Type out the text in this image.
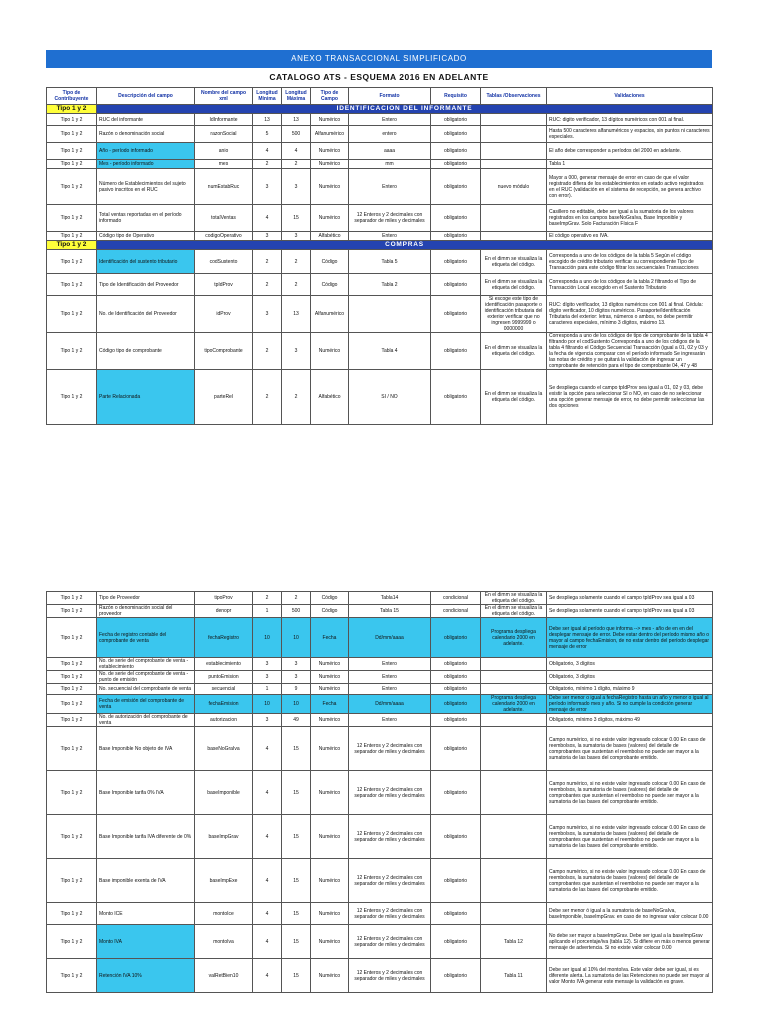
ANEXO TRANSACCIONAL SIMPLIFICADO
CATALOGO ATS - ESQUEMA 2016 EN ADELANTE
Tipo de Contribuyente	Descripción del campo	Nombre del campo xml	Longitud Mínima	Longitud Máxima	Tipo de Campo	Formato	Requisito	Tablas /Observaciones	Validaciones
Tipo 1 y 2	IDENTIFICACION DEL INFORMANTE								
Tipo 1 y 2	RUC del informante	IdInformante	13	13	Numérico	Entero	obligatorio		RUC: digito verificador, 13 dígitos numéricos con 001 al final.
Tipo 1 y 2	Razón o denominación social	razonSocial	5	500	Alfanumérico	entero	obligatorio		Hasta 500 caracteres alfanuméricos y espacios, sin puntos ni caracteres especiales.
Tipo 1 y 2	Año - período informado	anio	4	4	Numérico	aaaa	obligatorio		El año debe corresponder a períodos del 2000 en adelante.
Tipo 1 y 2	Mes - período informado	mes	2	2	Numérico	mm	obligatorio		Tabla 1
Tipo 1 y 2	Número de Establecimientos del sujeto pasivo inscritos en el RUC	numEstabRuc	3	3	Numérico	Entero	obligatorio	nuevo módulo	Mayor a 000, generar mensaje de error en caso de que el valor registrado difiera de los establecimientos en estado activo registrados en el RUC (validación en el sistema de recepción, se genera archivo con error).
Tipo 1 y 2	Total ventas reportadas en el período informado	totalVentas	4	15	Numérico	12 Enteros y 2 decimales con separador de miles y decimales	obligatorio		Casillero no editable, debe ser igual a la sumatoria de los valores registrados en los campos baseNoGraIva, Base Imponible y baseImpGrav. Solo Facturación Física F
Tipo 1 y 2	Código tipo de Operativo	codigoOperativo	3	3	Alfabético	Entero	obligatorio		El código operativo es IVA.
Tipo 1 y 2	COMPRAS								
Tipo 1 y 2	Identificación del sustento tributario	codSustento	2	2	Código	Tabla 5	obligatorio	En el dimm se visualiza la etiqueta del código.	Corresponda a uno de los códigos de la tabla 5 Según el código escogido de crédito tributario verificar su correspondiente Tipo de Transacción para este código filtrar los secuenciales Transacciones
Tipo 1 y 2	Tipo de Identificación del Proveedor	tpIdProv	2	2	Código	Tabla 2	obligatorio	En el dimm se visualiza la etiqueta del código.	Corresponda a uno de los códigos de la tabla 2 filtrando el Tipo de Transacción Local escogido en el Sustento Tributario
Tipo 1 y 2	No. de Identificación del Proveedor	idProv	3	13	Alfanumérico		obligatorio	Si escoge este tipo de identificación pasaporte o identificación tributaria del exterior verificar que no ingresen 9999999 o 0000000	RUC: dígito verificador, 13 dígitos numéricos con 001 al final. Cédula: dígito verificador, 10 dígitos numéricos. Pasaporte/Identificación Tributaria del exterior: letras, números o ambos, no debe permitir caracteres especiales, mínimo 3 dígitos, máximo 13.
Tipo 1 y 2	Código tipo de comprobante	tipoComprobante	2	3	Numérico	Tabla 4	obligatorio	En el dimm se visualiza la etiqueta del código.	Corresponda a uno de los códigos de tipo de comprobante de la tabla 4 filtrando por el codSustento Corresponda a uno de los códigos de la tabla 4 filtrando el Código Secuencial Transacción (igual a 01, 02 y 03 y la fecha de vigencia comparar con el período informado Se ingresarán las notas de crédito y se quitará la validación de ingresar un comprobante de retención para el tipo de comprobante 04, 47 y 48
Tipo 1 y 2	Parte Relacionada	parteRel	2	2	Alfabético	SI / NO	obligatorio	En el dimm se visualiza la etiqueta del código.	Se despliega cuando el campo tpIdProv sea igual a 01, 02 y 03, debe existir la opción para seleccionar SI o NO, en caso de no seleccionar una opción generar mensaje de error, no debe permitir seleccionar las dos opciones
Tipo 1 y 2	Tipo de Proveedor	tipoProv	2	2	Código	Tabla14	condicional	En el dimm se visualiza la etiqueta del código.	Se despliega solamente cuando el campo tpIdProv sea igual a 03
Tipo 1 y 2	Razón o denominación social del proveedor	denopr	1	500	Código	Tabla 15	condicional	En el dimm se visualiza la etiqueta del código.	Se despliega solamente cuando el campo tpIdProv sea igual a 03
Tipo 1 y 2	Fecha de registro contable del comprobante de venta	fechaRegistro	10	10	Fecha	Dd/mm/aaaa	obligatorio	Programa despliega calendario 2000 en adelante.	Debe ser igual al período que informa --> mes - año de en en del desplegar mensaje de error. Debe estar dentro del período mismo año o mayor al campo fechaEmision, de no estar dentro del período desplegar mensaje de error
Tipo 1 y 2	No. de serie del comprobante de venta - establecimiento	establecimiento	3	3	Numérico	Entero	obligatorio		Obligatorio, 3 dígitos
Tipo 1 y 2	No. de serie del comprobante de venta - punto de emisión	puntoEmision	3	3	Numérico	Entero	obligatorio		Obligatorio, 3 dígitos
Tipo 1 y 2	No. secuencial del comprobante de venta	secuencial	1	9	Numérico	Entero	obligatorio		Obligatorio, mínimo 1 dígito, máximo 9
Tipo 1 y 2	Fecha de emisión del comprobante de venta	fechaEmision	10	10	Fecha	Dd/mm/aaaa	obligatorio	Programa despliega calendario 2000 en adelante.	Debe ser menor o igual a fechaRegistro hasta un año y menor o igual al período informado mes y año. Si no cumple la condición generar mensaje de error
Tipo 1 y 2	No. de autorización del comprobante de venta	autorizacion	3	49	Numérico	Entero	obligatorio		Obligatorio, mínimo 3 dígitos, máximo 49
Tipo 1 y 2	Base Imponible No objeto de IVA	baseNoGraIva	4	15	Numérico	12 Enteros y 2 decimales con separador de miles y decimales	obligatorio		Campo numérico, si no existe valor ingresado colocar 0.00 En caso de reembolsos, la sumatoria de bases (valores) del detalle de comprobantes que sustentan el reembolso no puede ser mayor a la sumatoria de las bases del comprobante emitido.
Tipo 1 y 2	Base Imponible tarifa 0% IVA	baseImponible	4	15	Numérico	12 Enteros y 2 decimales con separador de miles y decimales	obligatorio		Campo numérico, si no existe valor ingresado colocar 0.00 En caso de reembolsos, la sumatoria de bases (valores) del detalle de comprobantes que sustentan el reembolso no puede ser mayor a la sumatoria de las bases del comprobante emitido.
Tipo 1 y 2	Base Imponible tarifa IVA diferente de 0%	baseImpGrav	4	15	Numérico	12 Enteros y 2 decimales con separador de miles y decimales	obligatorio		Campo numérico, si no existe valor ingresado colocar 0.00 En caso de reembolsos, la sumatoria de bases (valores) del detalle de comprobantes que sustentan el reembolso no puede ser mayor a la sumatoria de las bases del comprobante emitido.
Tipo 1 y 2	Base imponible exenta de IVA	baseImpExe	4	15	Numérico	12 Enteros y 2 decimales con separador de miles y decimales	obligatorio		Campo numérico, si no existe valor ingresado colocar 0.00 En caso de reembolsos, la sumatoria de bases (valores) del detalle de comprobantes que sustentan el reembolso no puede ser mayor a la sumatoria de las bases del comprobante emitido.
Tipo 1 y 2	Monto ICE	montoIce	4	15	Numérico	12 Enteros y 2 decimales con separador de miles y decimales	obligatorio		Debe ser menor ó igual a la sumatoria de baseNoGraIva, baseImponible, baseImpGrav. en caso de no ingresar valor colocar 0.00
Tipo 1 y 2	Monto IVA	montoIva	4	15	Numérico	12 Enteros y 2 decimales con separador de miles y decimales	obligatorio	Tabla 12	No debe ser mayor a baseImpGrav. Debe ser igual a la baseImpGrav aplicando el porcentaje/iva (tabla 12). Si difiere en más o menos generar mensaje de advertencia. Si no existe valor colocar 0.00
Tipo 1 y 2	Retención IVA 10%	valRetBien10	4	15	Numérico	12 Enteros y 2 decimales con separador de miles y decimales	obligatorio	Tabla 11	Debe ser igual al 10% del montoIva. Este valor debe ser igual, si es diferente alerta. La sumatoria de las Retenciones no puede ser mayor al valor Monto IVA generar este mensaje la validación es grave.
